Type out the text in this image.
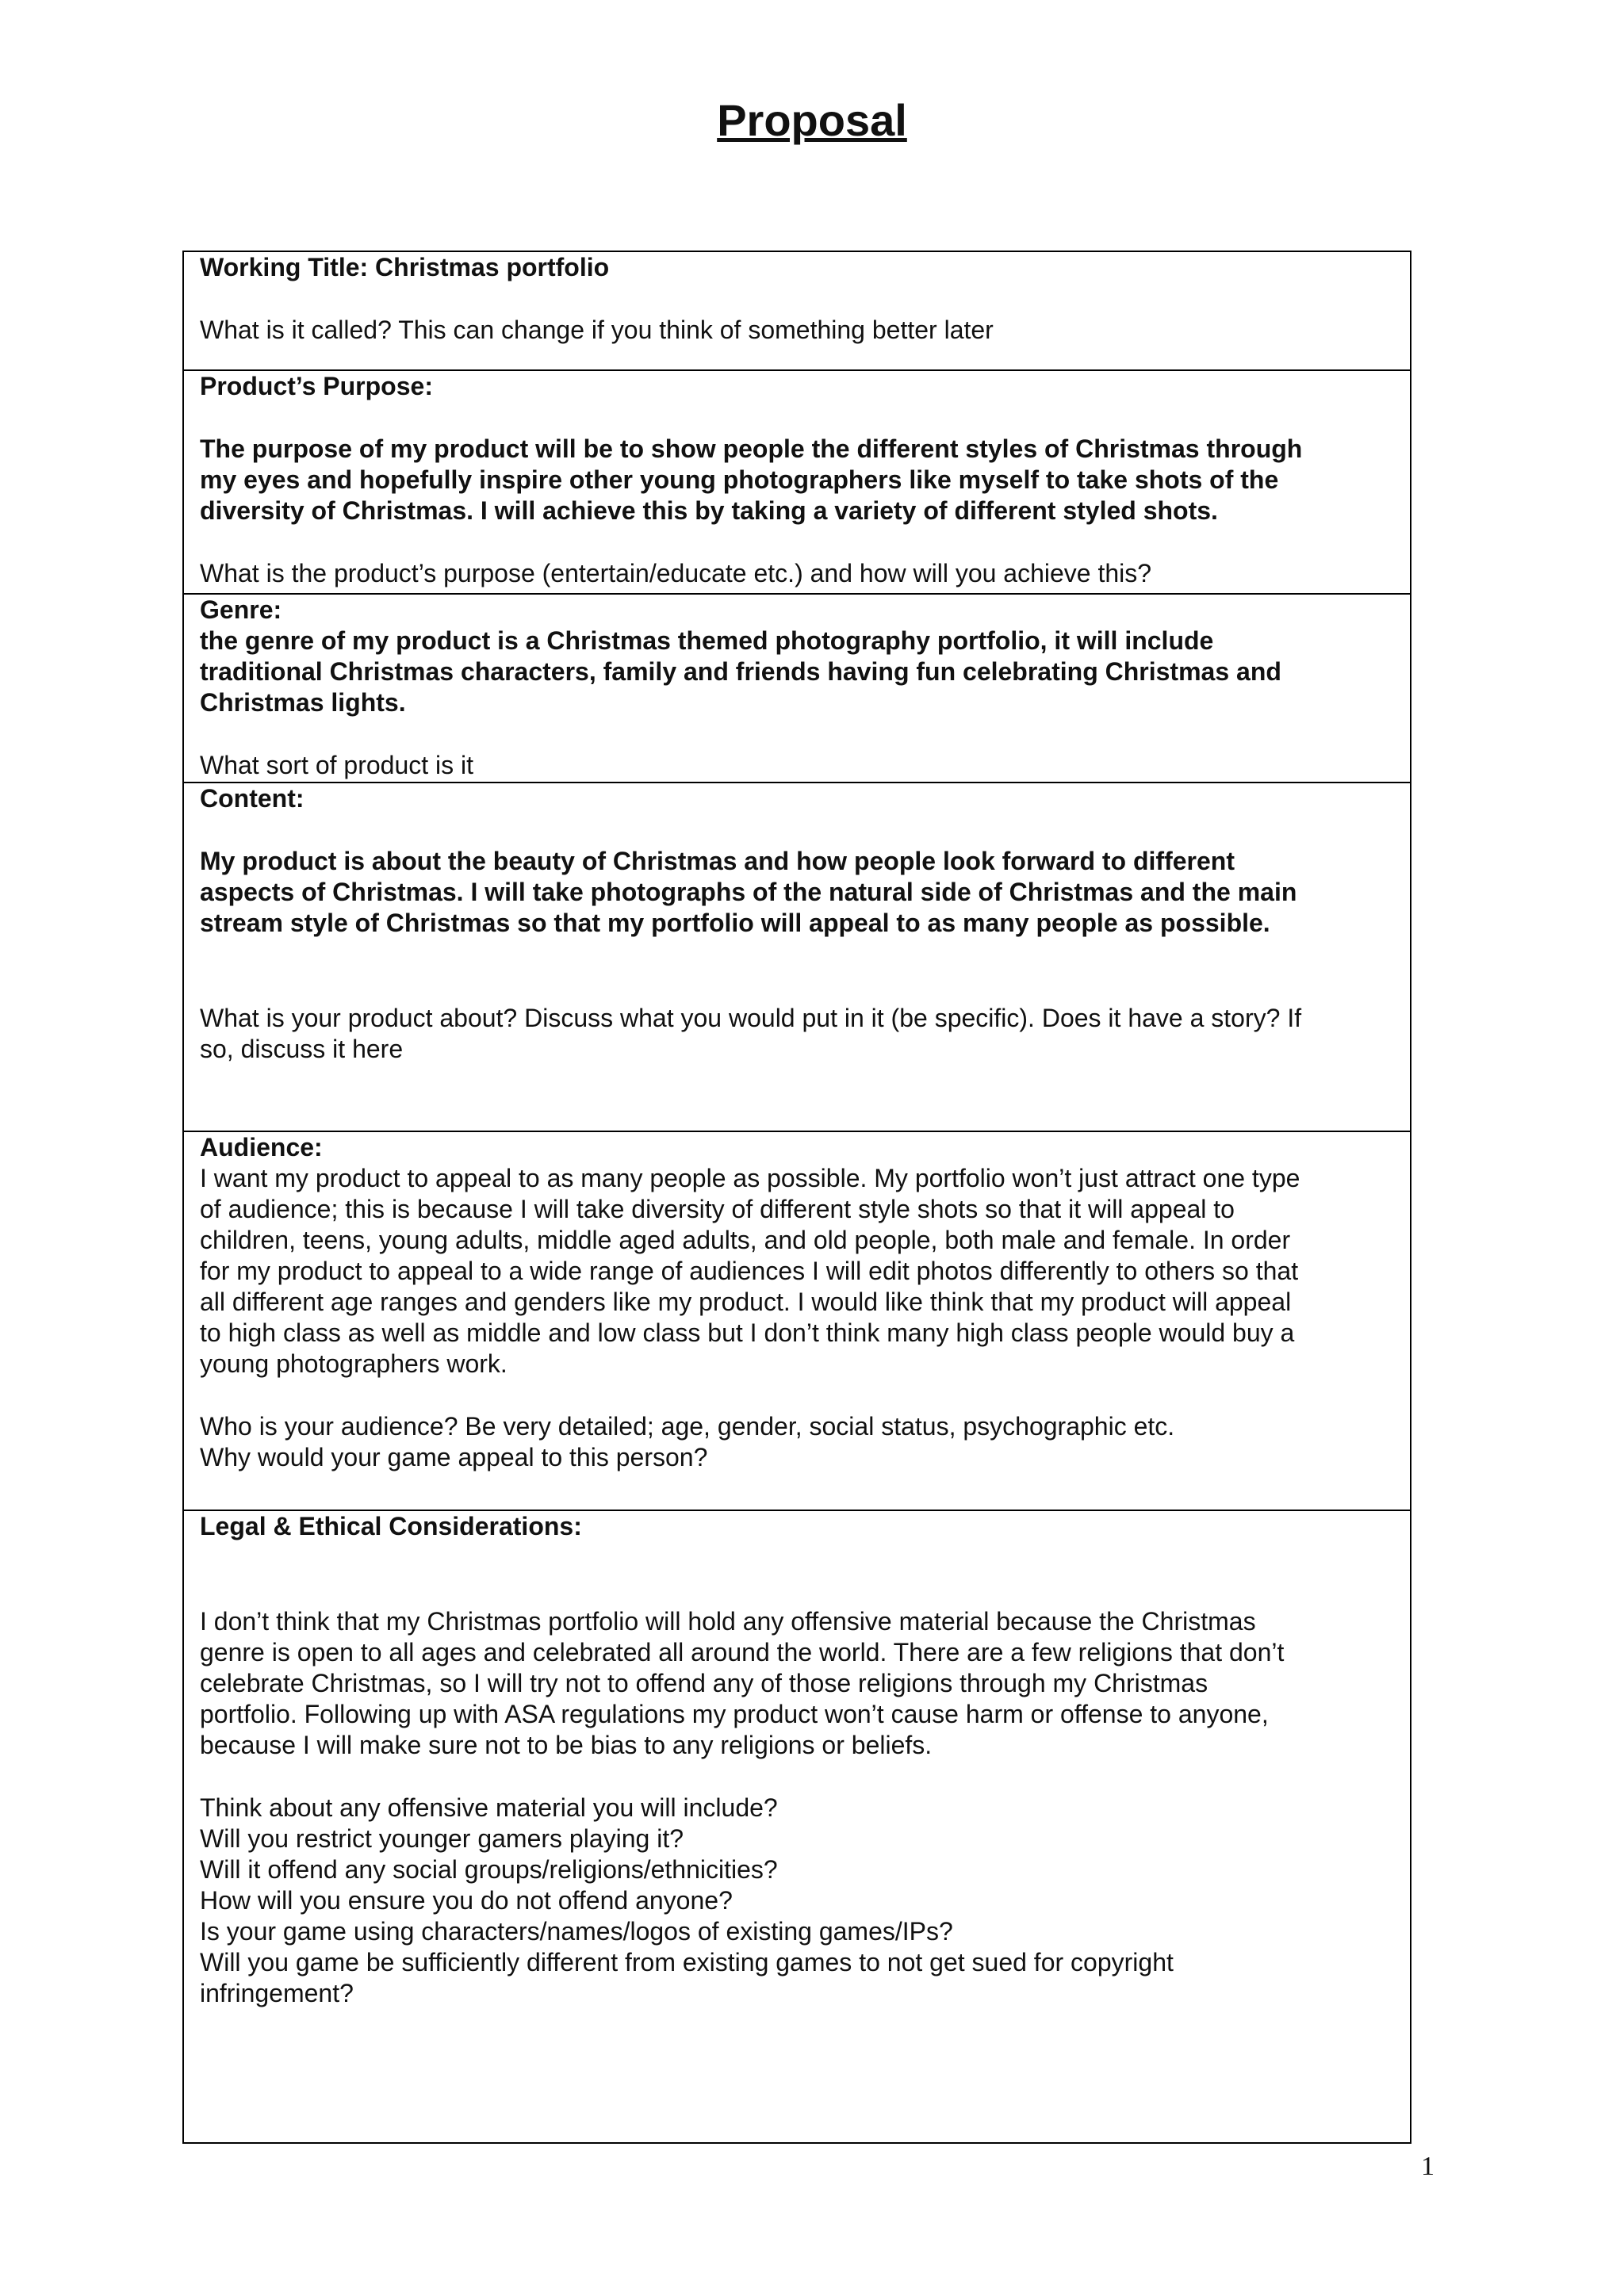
Proposal

Working Title: Christmas portfolio

What is it called? This can change if you think of something better later

Product’s Purpose:

The purpose of my product will be to show people the different styles of Christmas through
my eyes and hopefully inspire other young photographers like myself to take shots of the
diversity of Christmas. I will achieve this by taking a variety of different styled shots.

What is the product’s purpose (entertain/educate etc.) and how will you achieve this?

Genre:

the genre of my product is a Christmas themed photography portfolio, it will include
traditional Christmas characters, family and friends having fun celebrating Christmas and
Christmas lights.

What sort of product is it

Content:

My product is about the beauty of Christmas and how people look forward to different
aspects of Christmas. I will take photographs of the natural side of Christmas and the main
stream style of Christmas so that my portfolio will appeal to as many people as possible.
What is your product about? Discuss what you would put in it (be specific). Does it have a story? If
so, discuss it here

Audience:

I want my product to appeal to as many people as possible. My portfolio won’t just attract one type
of audience; this is because I will take diversity of different style shots so that it will appeal to
children, teens, young adults, middle aged adults, and old people, both male and female. In order
for my product to appeal to a wide range of audiences I will edit photos differently to others so that
all different age ranges and genders like my product. I would like think that my product will appeal
to high class as well as middle and low class but I don’t think many high class people would buy a
young photographers work.
Who is your audience? Be very detailed; age, gender, social status, psychographic etc.
Why would your game appeal to this person?

Legal & Ethical Considerations:

I don’t think that my Christmas portfolio will hold any offensive material because the Christmas
genre is open to all ages and celebrated all around the world. There are a few religions that don’t
celebrate Christmas, so I will try not to offend any of those religions through my Christmas
portfolio. Following up with ASA regulations my product won’t cause harm or offense to anyone,
because I will make sure not to be bias to any religions or beliefs.
Think about any offensive material you will include?
Will you restrict younger gamers playing it?
Will it offend any social groups/religions/ethnicities?
How will you ensure you do not offend anyone?
Is your game using characters/names/logos of existing games/IPs?
Will you game be sufficiently different from existing games to not get sued for copyright
infringement?
1
